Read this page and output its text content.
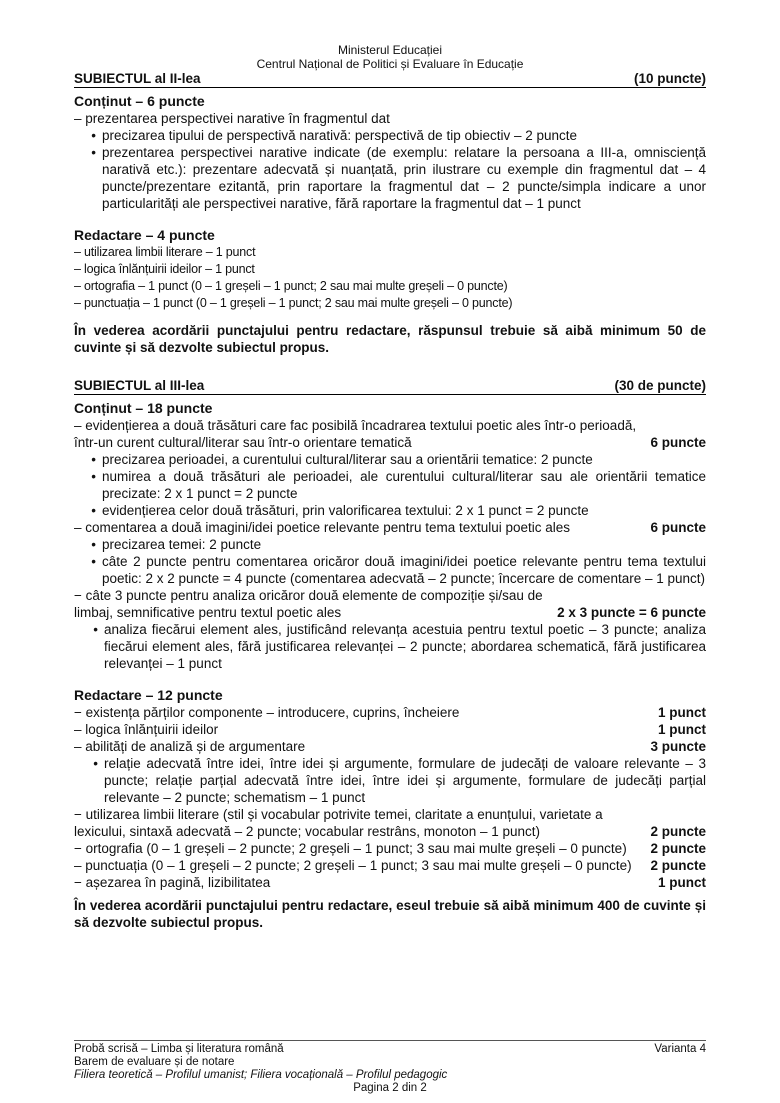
Ministerul Educației
Centrul Național de Politici și Evaluare în Educație
SUBIECTUL al II-lea	(10 puncte)
Conținut – 6 puncte
– prezentarea perspectivei narative în fragmentul dat
• precizarea tipului de perspectivă narativă: perspectivă de tip obiectiv – 2 puncte
• prezentarea perspectivei narative indicate (de exemplu: relatare la persoana a III-a, omnisciență narativă etc.): prezentare adecvată și nuanțată, prin ilustrare cu exemple din fragmentul dat – 4 puncte/prezentare ezitantă, prin raportare la fragmentul dat – 2 puncte/simpla indicare a unor particularități ale perspectivei narative, fără raportare la fragmentul dat – 1 punct
Redactare – 4 puncte
– utilizarea limbii literare – 1 punct
– logica înlănțuirii ideilor – 1 punct
– ortografia – 1 punct (0 – 1 greșeli – 1 punct; 2 sau mai multe greșeli – 0 puncte)
– punctuația – 1 punct (0 – 1 greșeli – 1 punct; 2 sau mai multe greșeli – 0 puncte)
În vederea acordării punctajului pentru redactare, răspunsul trebuie să aibă minimum 50 de cuvinte și să dezvolte subiectul propus.
SUBIECTUL al III-lea	(30 de puncte)
Conținut – 18 puncte
– evidențierea a două trăsături care fac posibilă încadrarea textului poetic ales într-o perioadă, într-un curent cultural/literar sau într-o orientare tematică	6 puncte
• precizarea perioadei, a curentului cultural/literar sau a orientării tematice: 2 puncte
• numirea a două trăsături ale perioadei, ale curentului cultural/literar sau ale orientării tematice precizate: 2 x 1 punct = 2 puncte
• evidențierea celor două trăsături, prin valorificarea textului: 2 x 1 punct = 2 puncte
– comentarea a două imagini/idei poetice relevante pentru tema textului poetic ales	6 puncte
• precizarea temei: 2 puncte
• câte 2 puncte pentru comentarea oricăror două imagini/idei poetice relevante pentru tema textului poetic: 2 x 2 puncte = 4 puncte (comentarea adecvată – 2 puncte; încercare de comentare – 1 punct)
− câte 3 puncte pentru analiza oricăror două elemente de compoziție și/sau de limbaj, semnificative pentru textul poetic ales	2 x 3 puncte = 6 puncte
• analiza fiecărui element ales, justificând relevanța acestuia pentru textul poetic – 3 puncte; analiza fiecărui element ales, fără justificarea relevanței – 2 puncte; abordarea schematică, fără justificarea relevanței – 1 punct
Redactare – 12 puncte
− existența părților componente – introducere, cuprins, încheiere	1 punct
– logica înlănțuirii ideilor	1 punct
– abilități de analiză și de argumentare	3 puncte
• relație adecvată între idei, între idei și argumente, formulare de judecăți de valoare relevante – 3 puncte; relație parțial adecvată între idei, între idei și argumente, formulare de judecăți parțial relevante – 2 puncte; schematism – 1 punct
− utilizarea limbii literare (stil și vocabular potrivite temei, claritate a enunțului, varietate a lexicului, sintaxă adecvată – 2 puncte; vocabular restrâns, monoton – 1 punct)	2 puncte
− ortografia (0 – 1 greșeli – 2 puncte; 2 greșeli – 1 punct; 3 sau mai multe greșeli – 0 puncte) 2 puncte
– punctuația (0 – 1 greșeli – 2 puncte; 2 greșeli – 1 punct; 3 sau mai multe greșeli – 0 puncte) 2 puncte
− așezarea în pagină, lizibilitatea	1 punct
În vederea acordării punctajului pentru redactare, eseul trebuie să aibă minimum 400 de cuvinte și să dezvolte subiectul propus.
Probă scrisă – Limba și literatura română	Varianta 4
Barem de evaluare și de notare
Filiera teoretică – Profilul umanist; Filiera vocațională – Profilul pedagogic
Pagina 2 din 2
